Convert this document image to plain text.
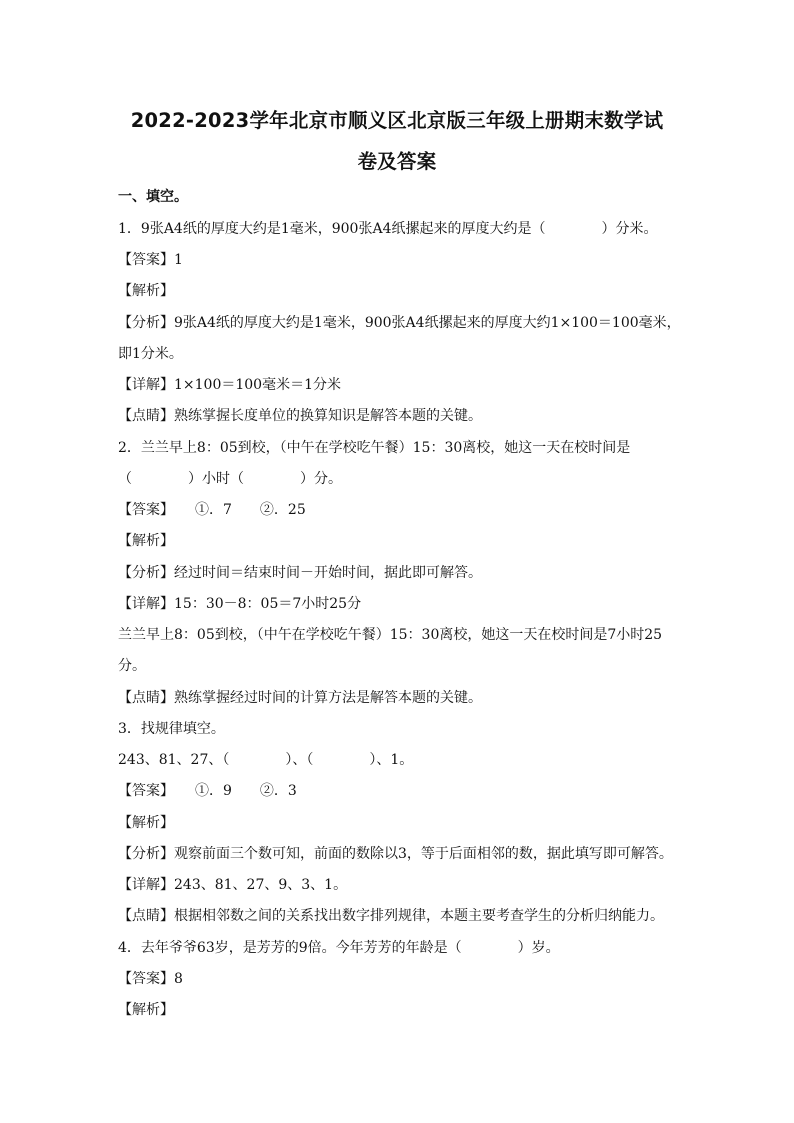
2022-2023学年北京市顺义区北京版三年级上册期末数学试
卷及答案
一、填空。
1．9张A4纸的厚度大约是1毫米，900张A4纸摞起来的厚度大约是（　　　　）分米。
【答案】1
【解析】
【分析】9张A4纸的厚度大约是1毫米，900张A4纸摞起来的厚度大约1×100＝100毫米，
即1分米。
【详解】1×100＝100毫米＝1分米
【点睛】熟练掌握长度单位的换算知识是解答本题的关键。
2．兰兰早上8：05到校，（中午在学校吃午餐）15：30离校，她这一天在校时间是
（　　　　）小时（　　　　）分。
【答案】　　①．7　　②．25
【解析】
【分析】经过时间＝结束时间－开始时间，据此即可解答。
【详解】15：30－8：05＝7小时25分
兰兰早上8：05到校，（中午在学校吃午餐）15：30离校，她这一天在校时间是7小时25
分。
【点睛】熟练掌握经过时间的计算方法是解答本题的关键。
3．找规律填空。
243、81、27、（　　　　）、（　　　　）、1。
【答案】　　①．9　　②．3
【解析】
【分析】观察前面三个数可知，前面的数除以3，等于后面相邻的数，据此填写即可解答。
【详解】243、81、27、9、3、1。
【点睛】根据相邻数之间的关系找出数字排列规律，本题主要考查学生的分析归纳能力。
4．去年爷爷63岁，是芳芳的9倍。今年芳芳的年龄是（　　　　）岁。
【答案】8
【解析】
